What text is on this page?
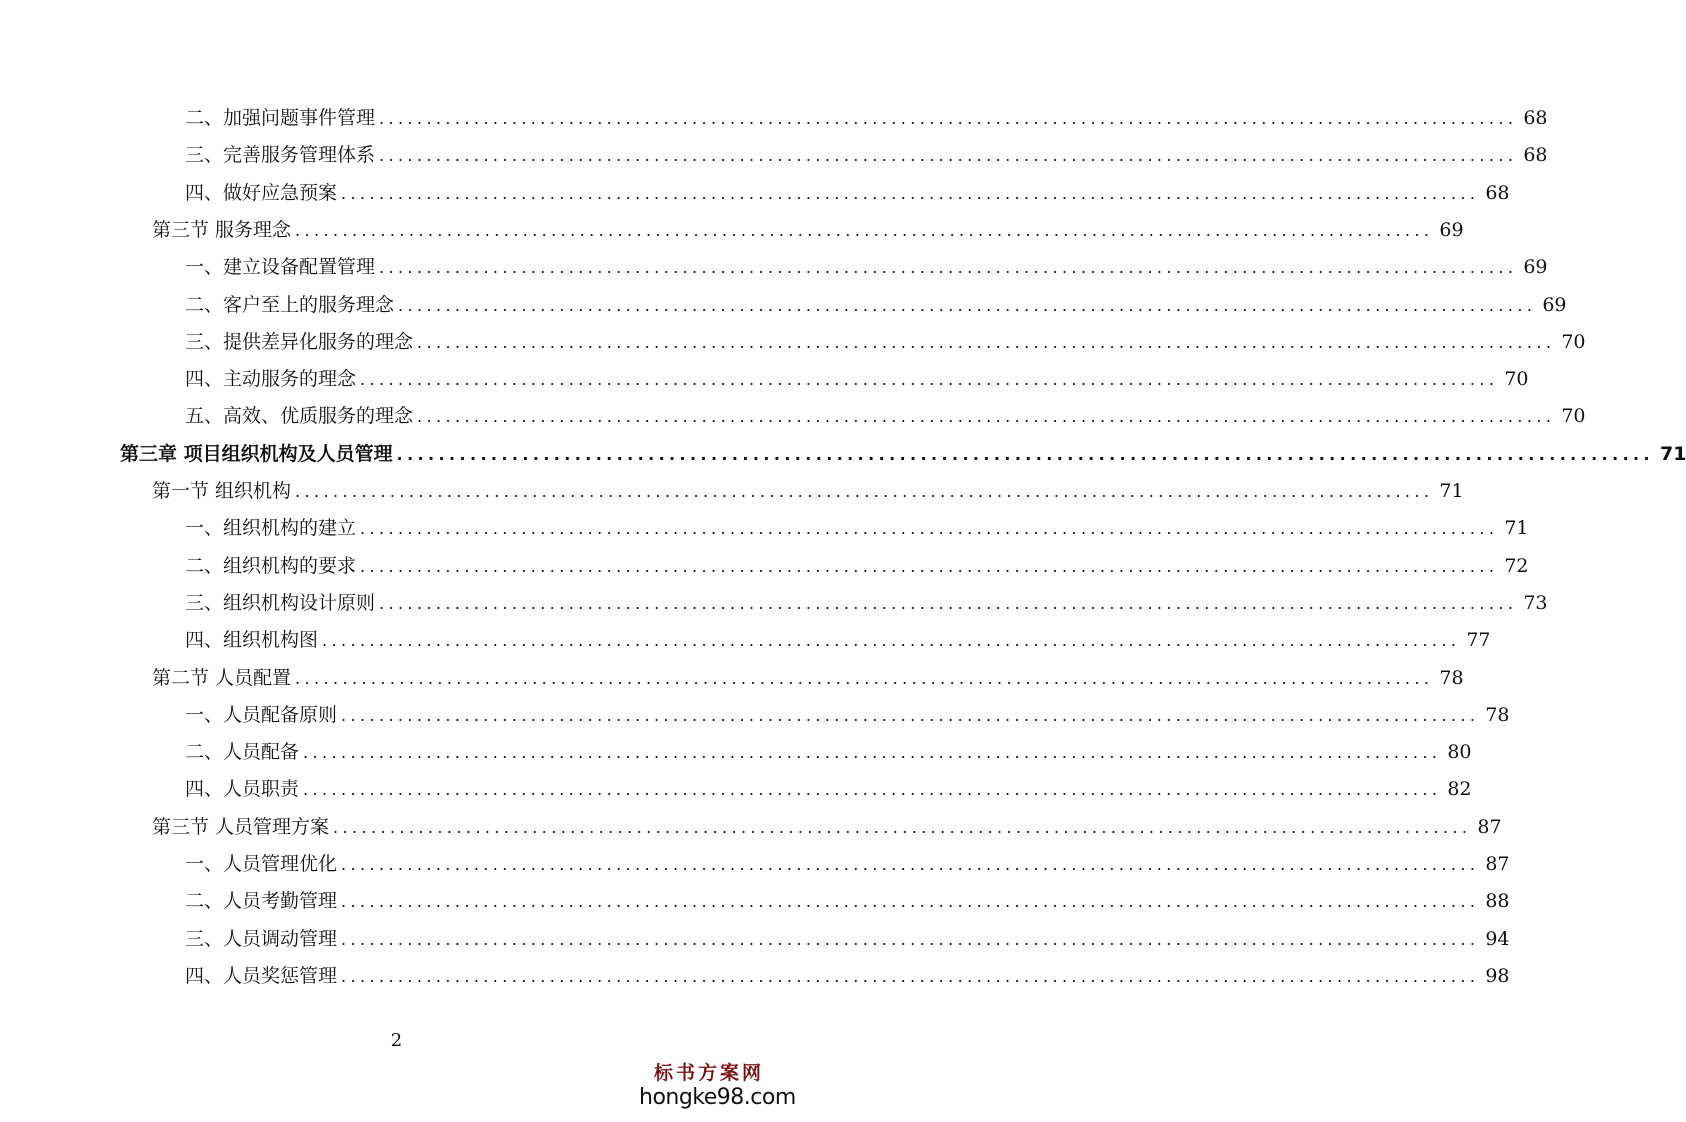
二、加强问题事件管理 ........................................................................................................................ 68
三、完善服务管理体系 ........................................................................................................................ 68
四、做好应急预案 ........................................................................................................................ 68
第三节 服务理念 ........................................................................................................................ 69
一、建立设备配置管理 ........................................................................................................................ 69
二、客户至上的服务理念 ........................................................................................................................ 69
三、提供差异化服务的理念 ........................................................................................................................ 70
四、主动服务的理念 ........................................................................................................................ 70
五、高效、优质服务的理念 ........................................................................................................................ 70
第三章 项目组织机构及人员管理 ........................................................................................................................ 71
第一节 组织机构 ........................................................................................................................ 71
一、组织机构的建立 ........................................................................................................................ 71
二、组织机构的要求 ........................................................................................................................ 72
三、组织机构设计原则 ........................................................................................................................ 73
四、组织机构图 ........................................................................................................................ 77
第二节 人员配置 ........................................................................................................................ 78
一、人员配备原则 ........................................................................................................................ 78
二、人员配备 ........................................................................................................................ 80
四、人员职责 ........................................................................................................................ 82
第三节 人员管理方案 ........................................................................................................................ 87
一、人员管理优化 ........................................................................................................................ 87
二、人员考勤管理 ........................................................................................................................ 88
三、人员调动管理 ........................................................................................................................ 94
四、人员奖惩管理 ........................................................................................................................ 98
2
标书方案网
hongke98.com
